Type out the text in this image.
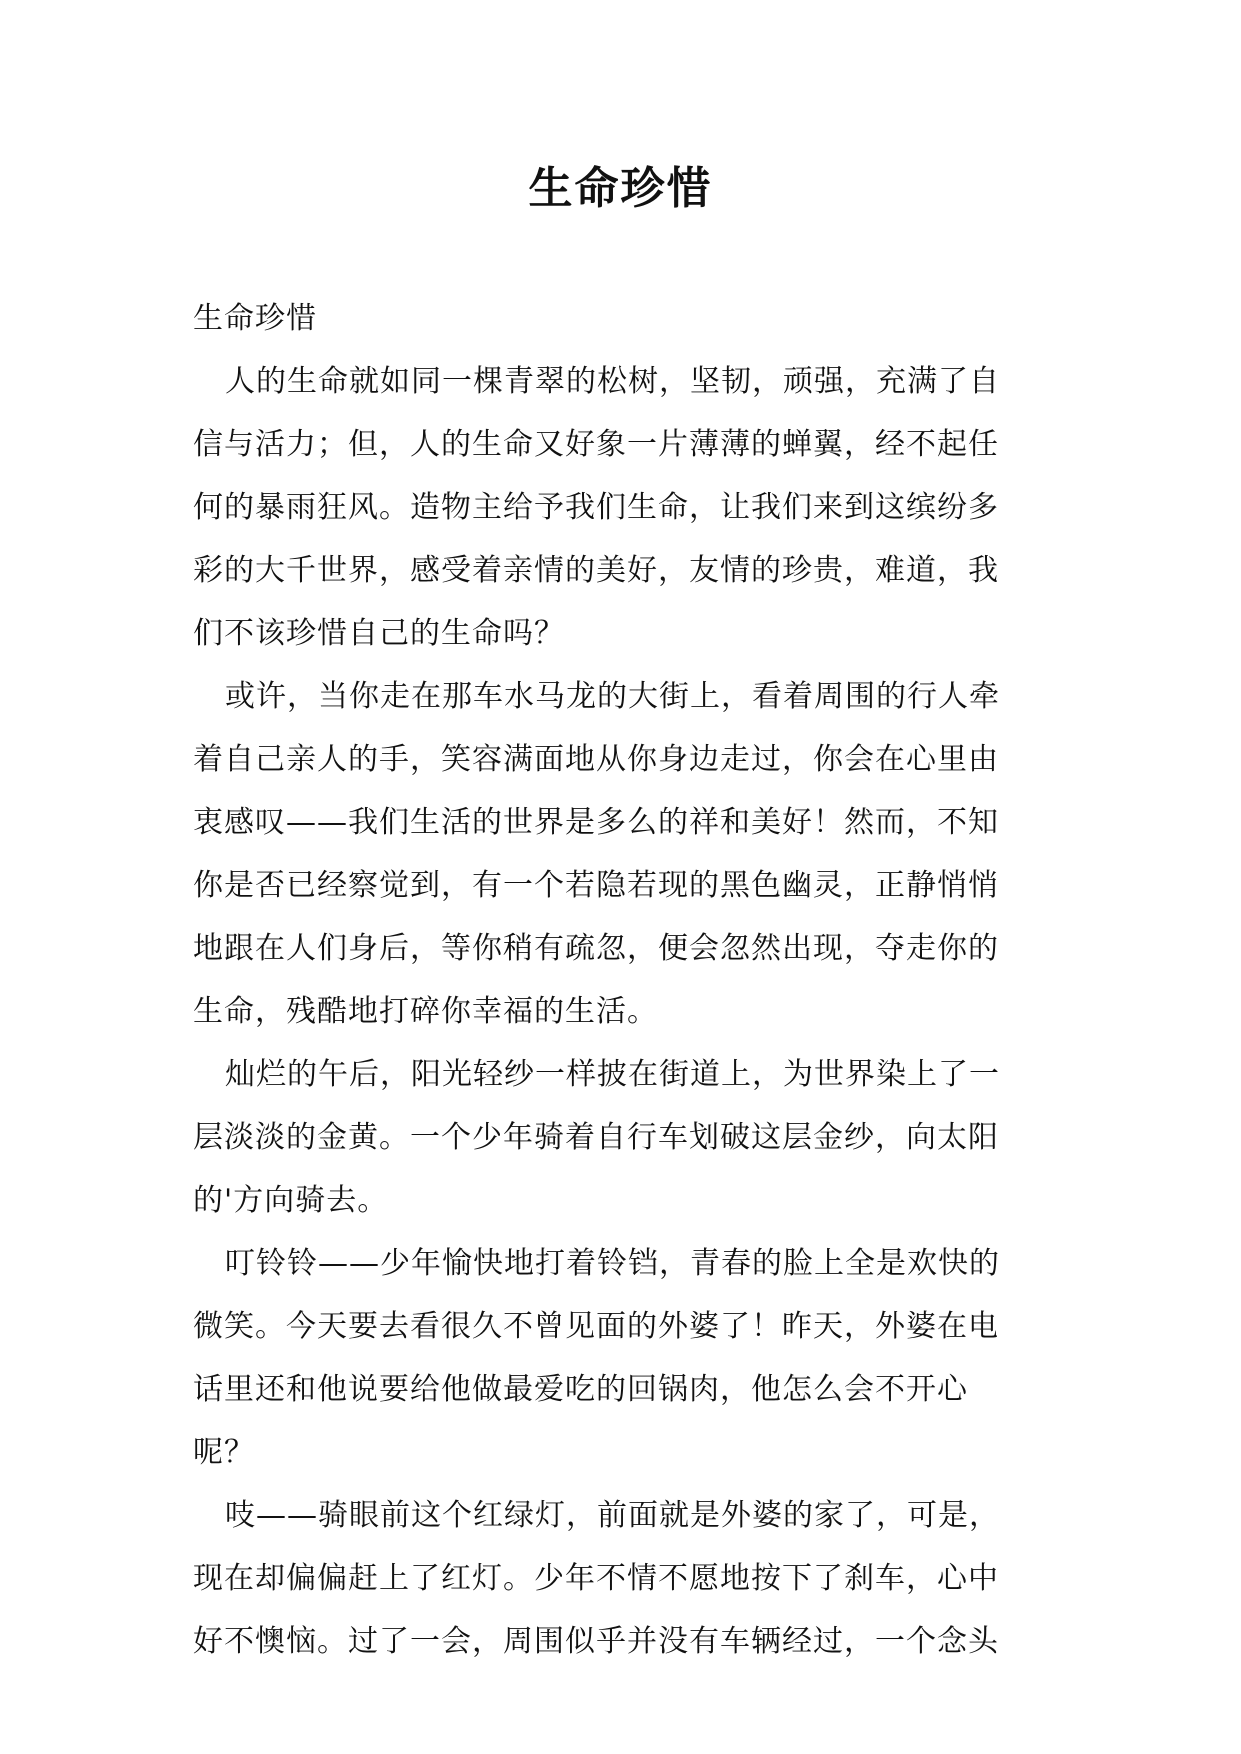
生命珍惜
生命珍惜
人的生命就如同一棵青翠的松树，坚韧，顽强，充满了自
信与活力；但，人的生命又好象一片薄薄的蝉翼，经不起任
何的暴雨狂风。造物主给予我们生命，让我们来到这缤纷多
彩的大千世界，感受着亲情的美好，友情的珍贵，难道，我
们不该珍惜自己的生命吗？
或许，当你走在那车水马龙的大街上，看着周围的行人牵
着自己亲人的手，笑容满面地从你身边走过，你会在心里由
衷感叹——我们生活的世界是多么的祥和美好！然而，不知
你是否已经察觉到，有一个若隐若现的黑色幽灵，正静悄悄
地跟在人们身后，等你稍有疏忽，便会忽然出现，夺走你的
生命，残酷地打碎你幸福的生活。
灿烂的午后，阳光轻纱一样披在街道上，为世界染上了一
层淡淡的金黄。一个少年骑着自行车划破这层金纱，向太阳
的'方向骑去。
叮铃铃——少年愉快地打着铃铛，青春的脸上全是欢快的
微笑。今天要去看很久不曾见面的外婆了！昨天，外婆在电
话里还和他说要给他做最爱吃的回锅肉，他怎么会不开心
呢？
吱——骑眼前这个红绿灯，前面就是外婆的家了，可是，
现在却偏偏赶上了红灯。少年不情不愿地按下了刹车，心中
好不懊恼。过了一会，周围似乎并没有车辆经过，一个念头
